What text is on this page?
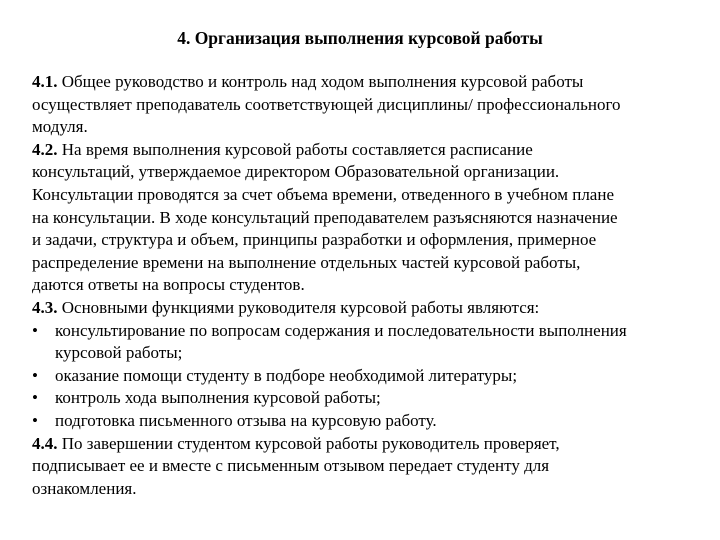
4. Организация выполнения курсовой работы
4.1. Общее руководство и контроль над ходом выполнения курсовой работы
осуществляет преподаватель соответствующей дисциплины/ профессионального
модуля.
4.2. На время выполнения курсовой работы составляется расписание
консультаций, утверждаемое директором Образовательной организации.
Консультации проводятся за счет объема времени, отведенного в учебном плане
на консультации. В ходе консультаций преподавателем разъясняются назначение
и задачи, структура и объем, принципы разработки и оформления, примерное
распределение времени на выполнение отдельных частей курсовой работы,
даются ответы на вопросы студентов.
4.3. Основными функциями руководителя курсовой работы являются:
• консультирование по вопросам содержания и последовательности выполнения
курсовой работы;
• оказание помощи студенту в подборе необходимой литературы;
• контроль хода выполнения курсовой работы;
• подготовка письменного отзыва на курсовую работу.
4.4. По завершении студентом курсовой работы руководитель проверяет,
подписывает ее и вместе с письменным отзывом передает студенту для
ознакомления.
